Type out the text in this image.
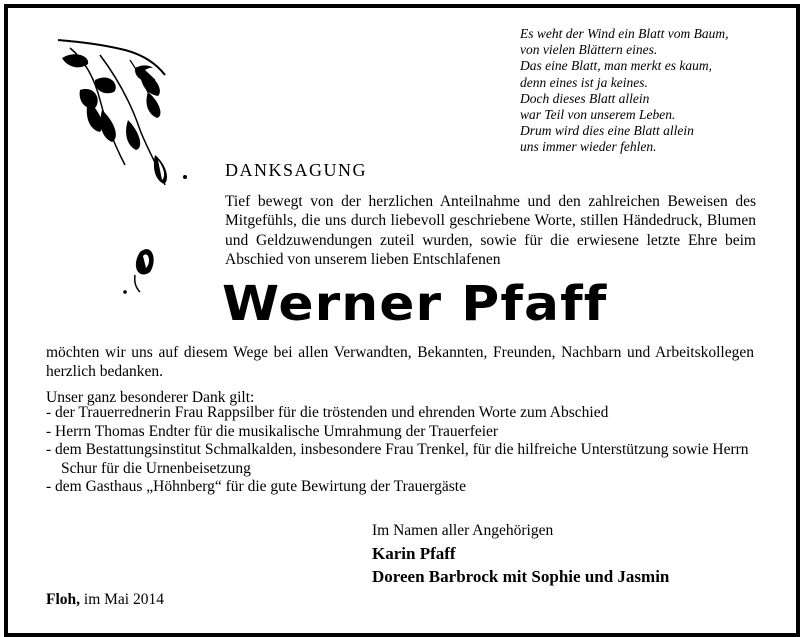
Es weht der Wind ein Blatt vom Baum,
von vielen Blättern eines.
Das eine Blatt, man merkt es kaum,
denn eines ist ja keines.
Doch dieses Blatt allein
war Teil von unserem Leben.
Drum wird dies eine Blatt allein
uns immer wieder fehlen.
DANKSAGUNG
Tief bewegt von der herzlichen Anteilnahme und den zahlreichen Beweisen des Mitgefühls, die uns durch liebevoll geschriebene Worte, stillen Händedruck, Blumen und Geldzuwendungen zuteil wurden, sowie für die erwiesene letzte Ehre beim Abschied von unserem lieben Entschlafenen
Werner Pfaff
möchten wir uns auf diesem Wege bei allen Verwandten, Bekannten, Freunden, Nachbarn und Arbeitskollegen herzlich bedanken.
Unser ganz besonderer Dank gilt:
- der Trauerrednerin Frau Rappsilber für die tröstenden und ehrenden Worte zum Abschied
- Herrn Thomas Endter für die musikalische Umrahmung der Trauerfeier
- dem Bestattungsinstitut Schmalkalden, insbesondere Frau Trenkel, für die hilfreiche Unterstützung sowie Herrn Schur für die Urnenbeisetzung
- dem Gasthaus „Höhnberg“ für die gute Bewirtung der Trauergäste
Im Namen aller Angehörigen
Karin Pfaff
Doreen Barbrock mit Sophie und Jasmin
Floh, im Mai 2014
